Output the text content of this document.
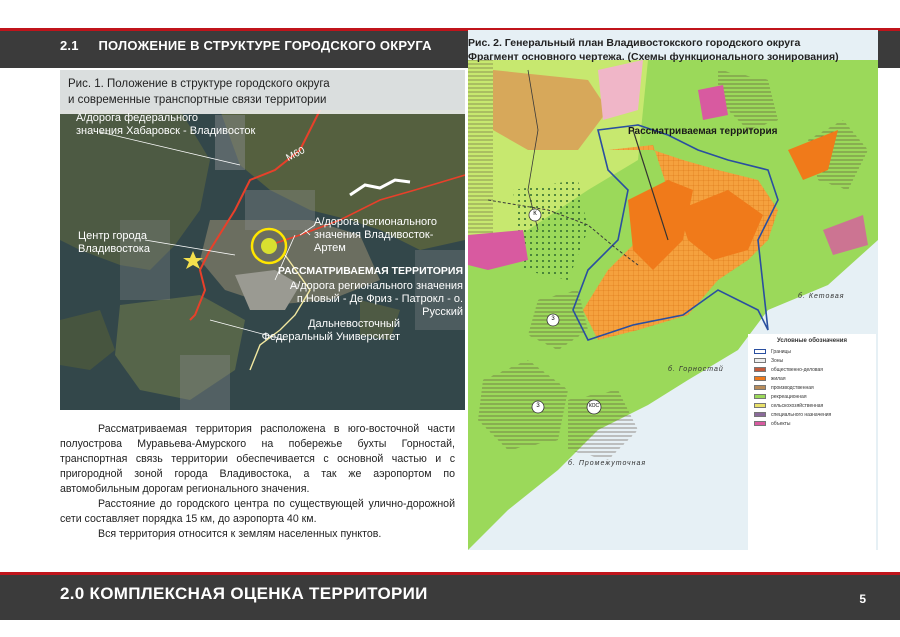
2.1 ПОЛОЖЕНИЕ В СТРУКТУРЕ ГОРОДСКОГО ОКРУГА
Рис. 1. Положение в структуре городского округа
и современные транспортные связи территории
А/дорога федерального
значения Хабаровск - Владивосток
М60
Центр города
Владивостока
А/дорога регионального
значения Владивосток-Артем
РАССМАТРИВАЕМАЯ ТЕРРИТОРИЯ
А/дорога регионального значения
п.Новый - Де Фриз - Патрокл - о. Русский
Дальневосточный
Федеральный Университет
К
3
3	КОС
Рассматриваемая территория
б. Кетовая
б. Горностай
б. Промежуточная
Рис. 2. Генеральный план Владивостокского городского округа
Фрагмент основного чертежа. (Схемы функционального зонирования)
Условные обозначения
Границы
Зоны
общественно-деловая
жилая
производственная
рекреационная
сельскохозяйственная
специального назначения
объекты

Рассматриваемая территория расположена в юго-восточной части полуострова Муравьева-Амурского на побережье бухты Горностай, транспортная связь территории обеспечивается с основной частью и с пригородной зоной города Владивостока, а так же аэропортом по автомобильным дорогам регионального значения.

Расстояние до городского центра по существующей улично-дорожной сети составляет порядка 15 км, до аэропорта 40 км.

Вся территория относится к землям населенных пунктов.

2.0 КОМПЛЕКСНАЯ ОЦЕНКА ТЕРРИТОРИИ	5
